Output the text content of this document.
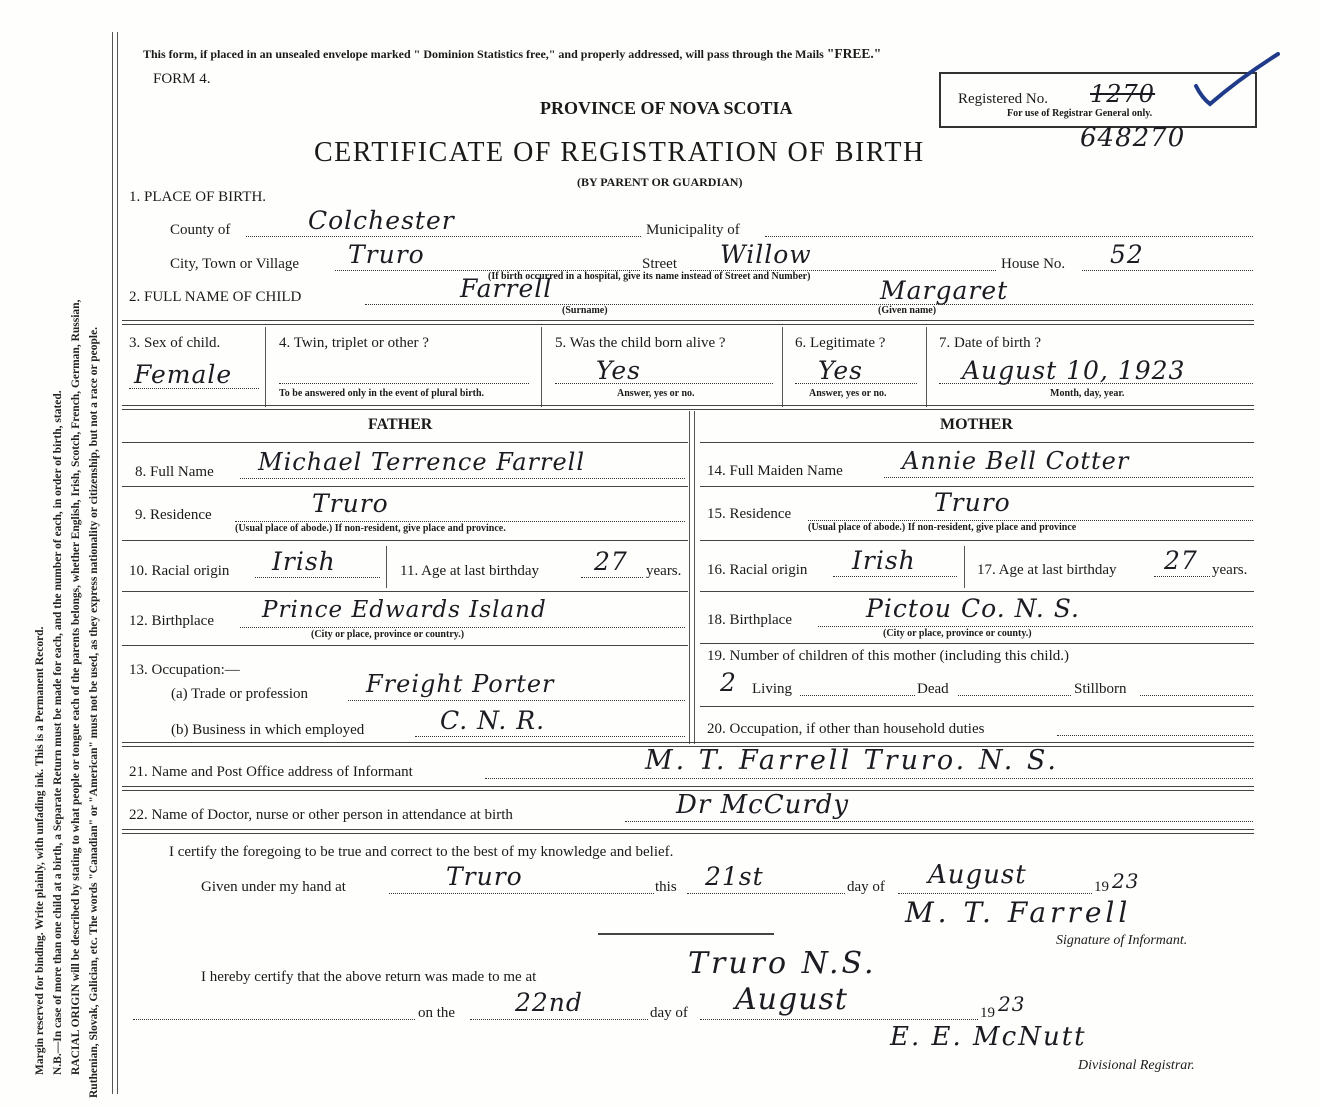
Margin reserved for binding. Write plainly, with unfading ink. This is a Permanent Record. N.B.—In case of more than one child at a birth, a Separate Return must be made for each, and the number of each, in order of birth, stated. RACIAL ORIGIN will be described by stating to what people or tongue each of the parents belongs, whether English, Irish, Scotch, French, German, Russian, Ruthenian, Slovak, Galician, etc. The words "Canadian" or "American" must not be used, as they express nationality or citizenship, but not a race or people.
This form, if placed in an unsealed envelope marked " Dominion Statistics free," and properly addressed, will pass through the Mails "FREE."
FORM 4.
PROVINCE OF NOVA SCOTIA
CERTIFICATE OF REGISTRATION OF BIRTH
(BY PARENT OR GUARDIAN)
Registered No. 1270
For use of Registrar General only.
648270
1. PLACE OF BIRTH.
County of	Colchester	Municipality of
City, Town or Village Truro	Street Willow	House No. 52
(If birth occurred in a hospital, give its name instead of Street and Number)
2. FULL NAME OF CHILD	Farrell	Margaret
(Surname)	(Given name)
3. Sex of child.
Female
4. Twin, triplet or other ?
To be answered only in the event of plural birth.
5. Was the child born alive ?
Yes
Answer, yes or no.
6. Legitimate ?
Yes
Answer, yes or no.
7. Date of birth ?
August 10, 1923
Month, day, year.
FATHER
8. Full Name Michael Terrence Farrell
9. Residence	Truro
(Usual place of abode.) If non-resident, give place and province.
10. Racial origin Irish	11. Age at last birthday 27 years.
12. Birthplace Prince Edwards Island
(City or place, province or country.)
13. Occupation:—
(a) Trade or profession Freight Porter
(b) Business in which employed	C. N. R.
MOTHER
14. Full Maiden Name Annie Bell Cotter
15. Residence	Truro
(Usual place of abode.) If non-resident, give place and province
16. Racial origin Irish	17. Age at last birthday 27 years.
18. Birthplace	Pictou Co. N. S.
(City or place, province or county.)
19. Number of children of this mother (including this child.)
2 Living	Dead	Stillborn
20. Occupation, if other than household duties
21. Name and Post Office address of Informant	M. T. Farrell Truro. N. S.
22. Name of Doctor, nurse or other person in attendance at birth	Dr McCurdy
I certify the foregoing to be true and correct to the best of my knowledge and belief.
Given under my hand at	Truro	this 21st	day of August	19 23
M. T. Farrell
Signature of Informant.
I hereby certify that the above return was made to me at	Truro N.S.
on the 22nd	day of August	19 23
E. E. McNutt
Divisional Registrar.
